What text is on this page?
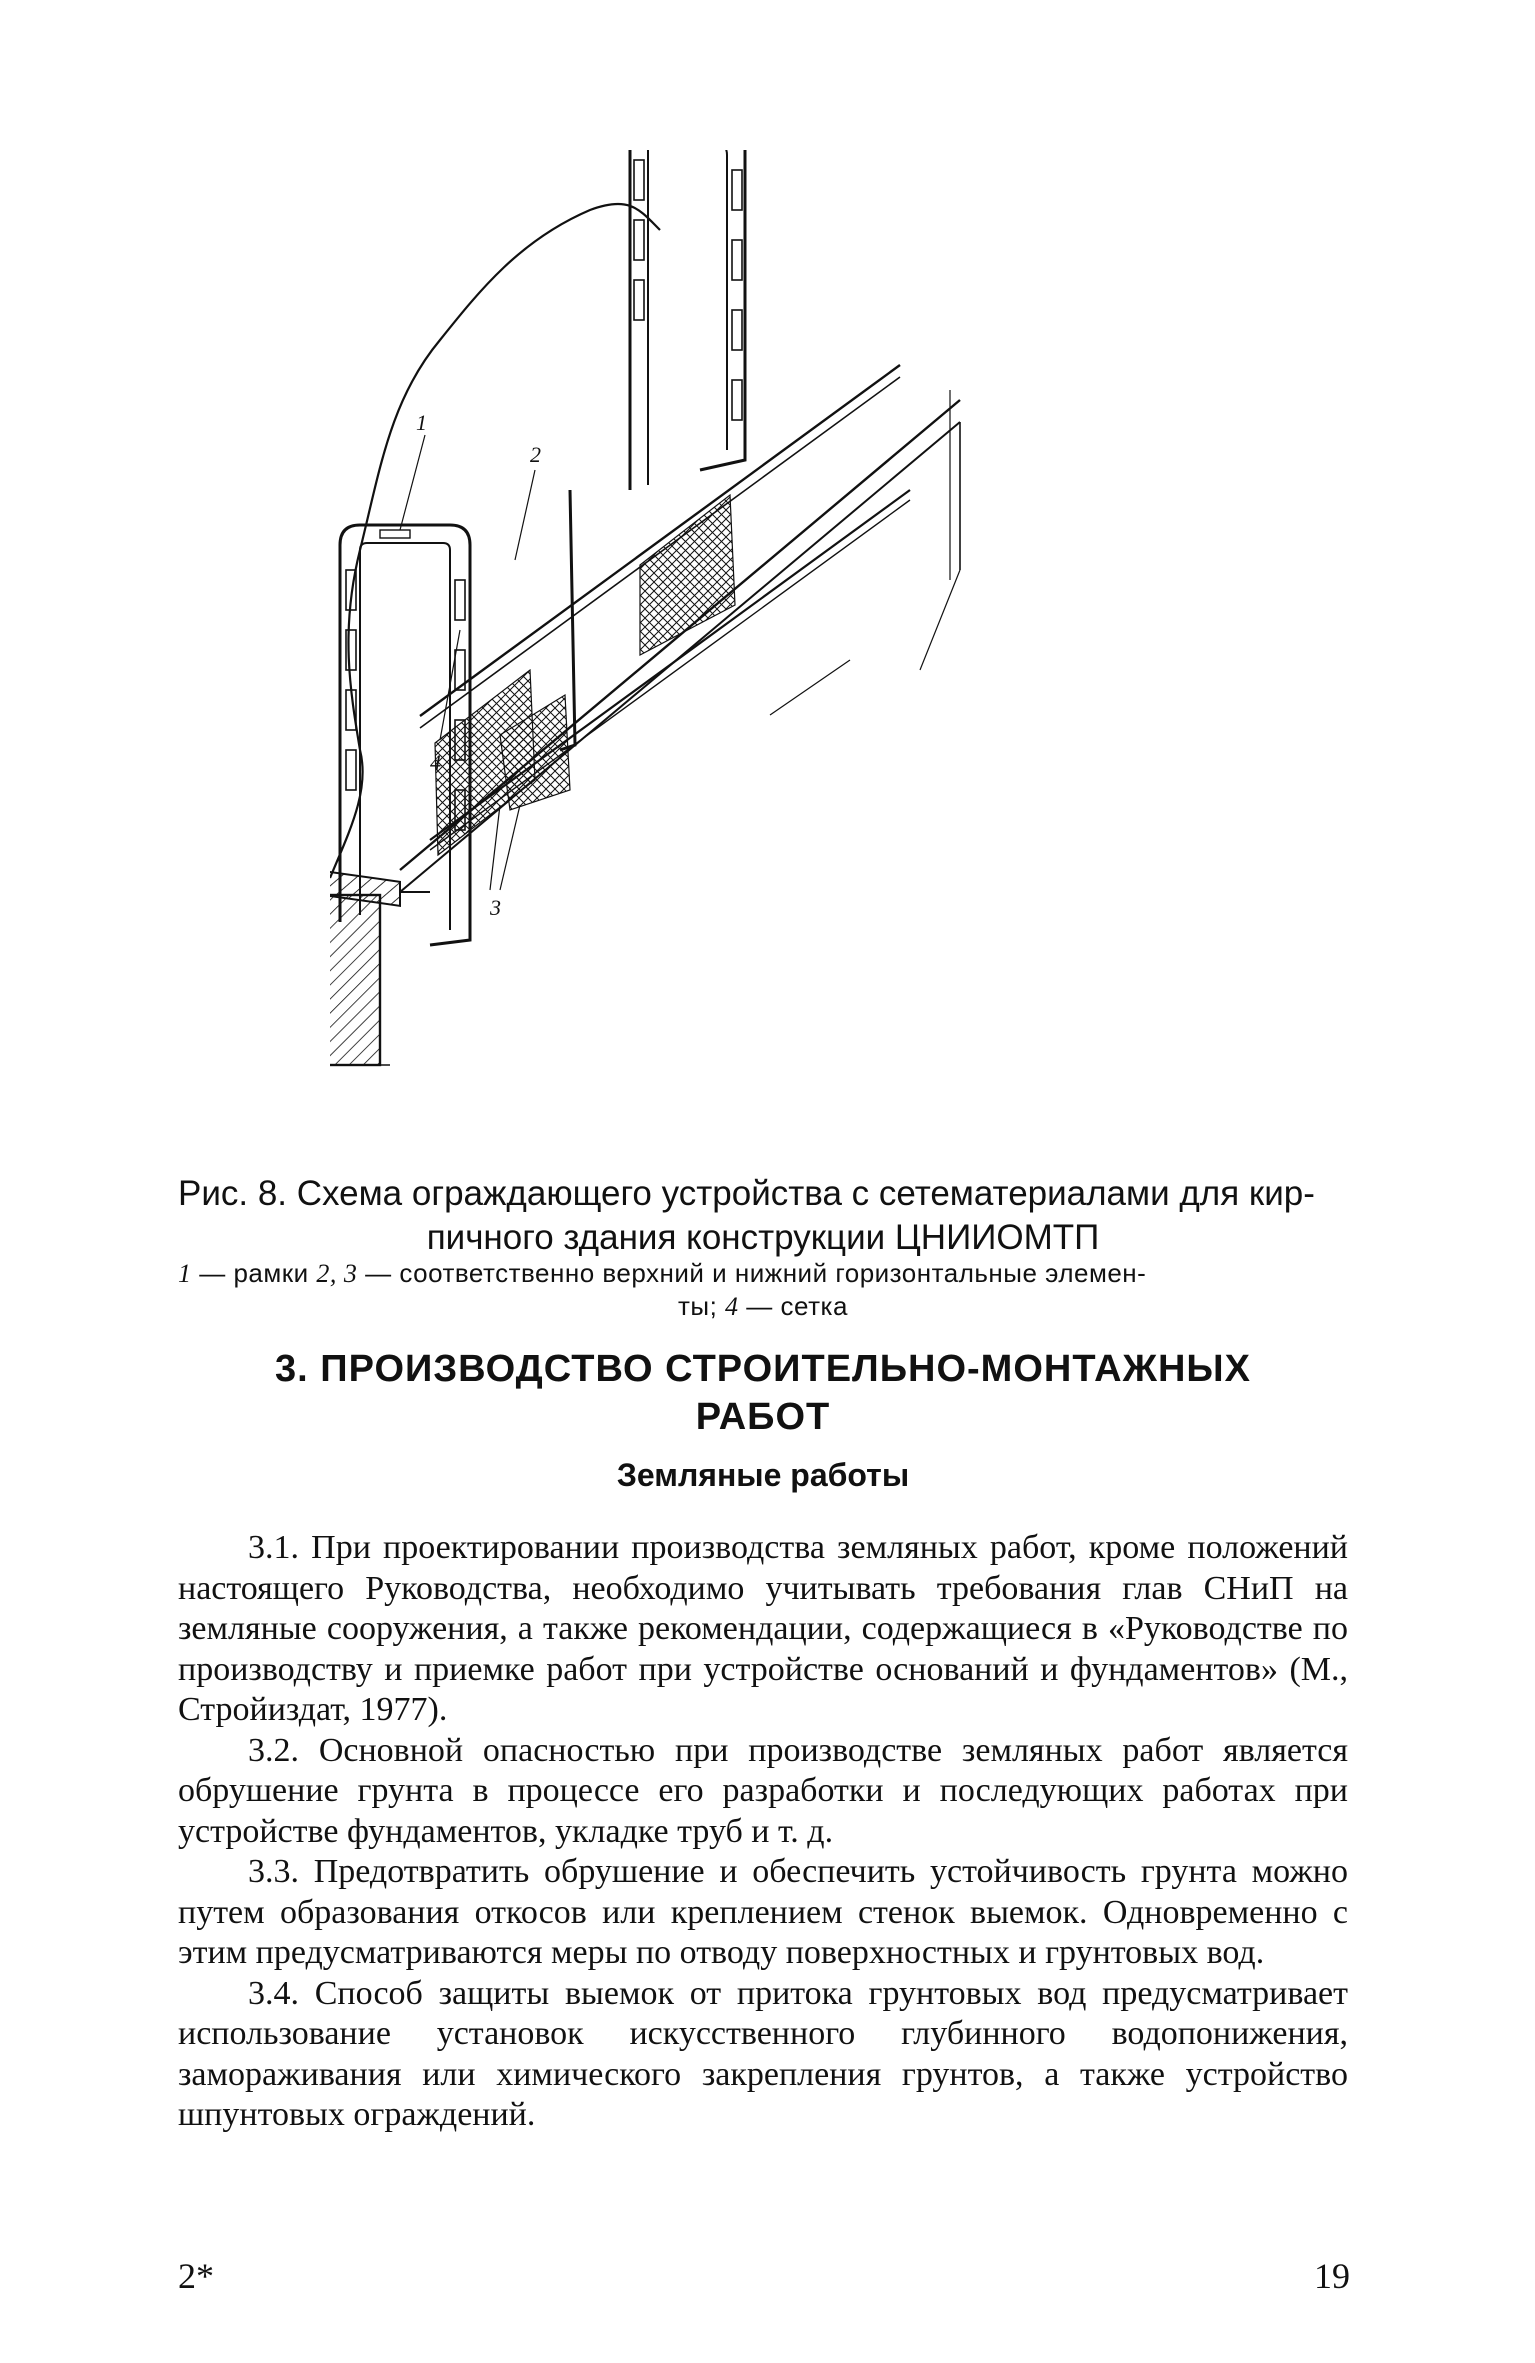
1
2
3
4
Рис. 8. Схема ограждающего устройства с сетематериалами для кир-
пичного здания конструкции ЦНИИОМТП

1 — рамки 2, 3 — соответственно верхний и нижний горизонтальные элемен-
ты; 4 — сетка

3. ПРОИЗВОДСТВО СТРОИТЕЛЬНО-МОНТАЖНЫХ
РАБОТ
Земляные работы

3.1. При проектировании производства земляных работ, кроме положений настоящего Руководства, необходимо учитывать требования глав СНиП на земляные сооружения, а также рекомендации, содержащиеся в «Руководстве по производству и приемке работ при устройстве оснований и фундаментов» (М., Стройиздат, 1977).

3.2. Основной опасностью при производстве земляных работ является обрушение грунта в процессе его разработки и последующих работах при устройстве фундаментов, укладке труб и т. д.

3.3. Предотвратить обрушение и обеспечить устойчивость грунта можно путем образования откосов или креплением стенок выемок. Одновременно с этим предусматриваются меры по отводу поверхностных и грунтовых вод.

3.4. Способ защиты выемок от притока грунтовых вод предусматривает использование установок искусственного глубинного водопонижения, замораживания или химического закрепления грунтов, а также устройство шпунтовых ограждений.

2*	19
